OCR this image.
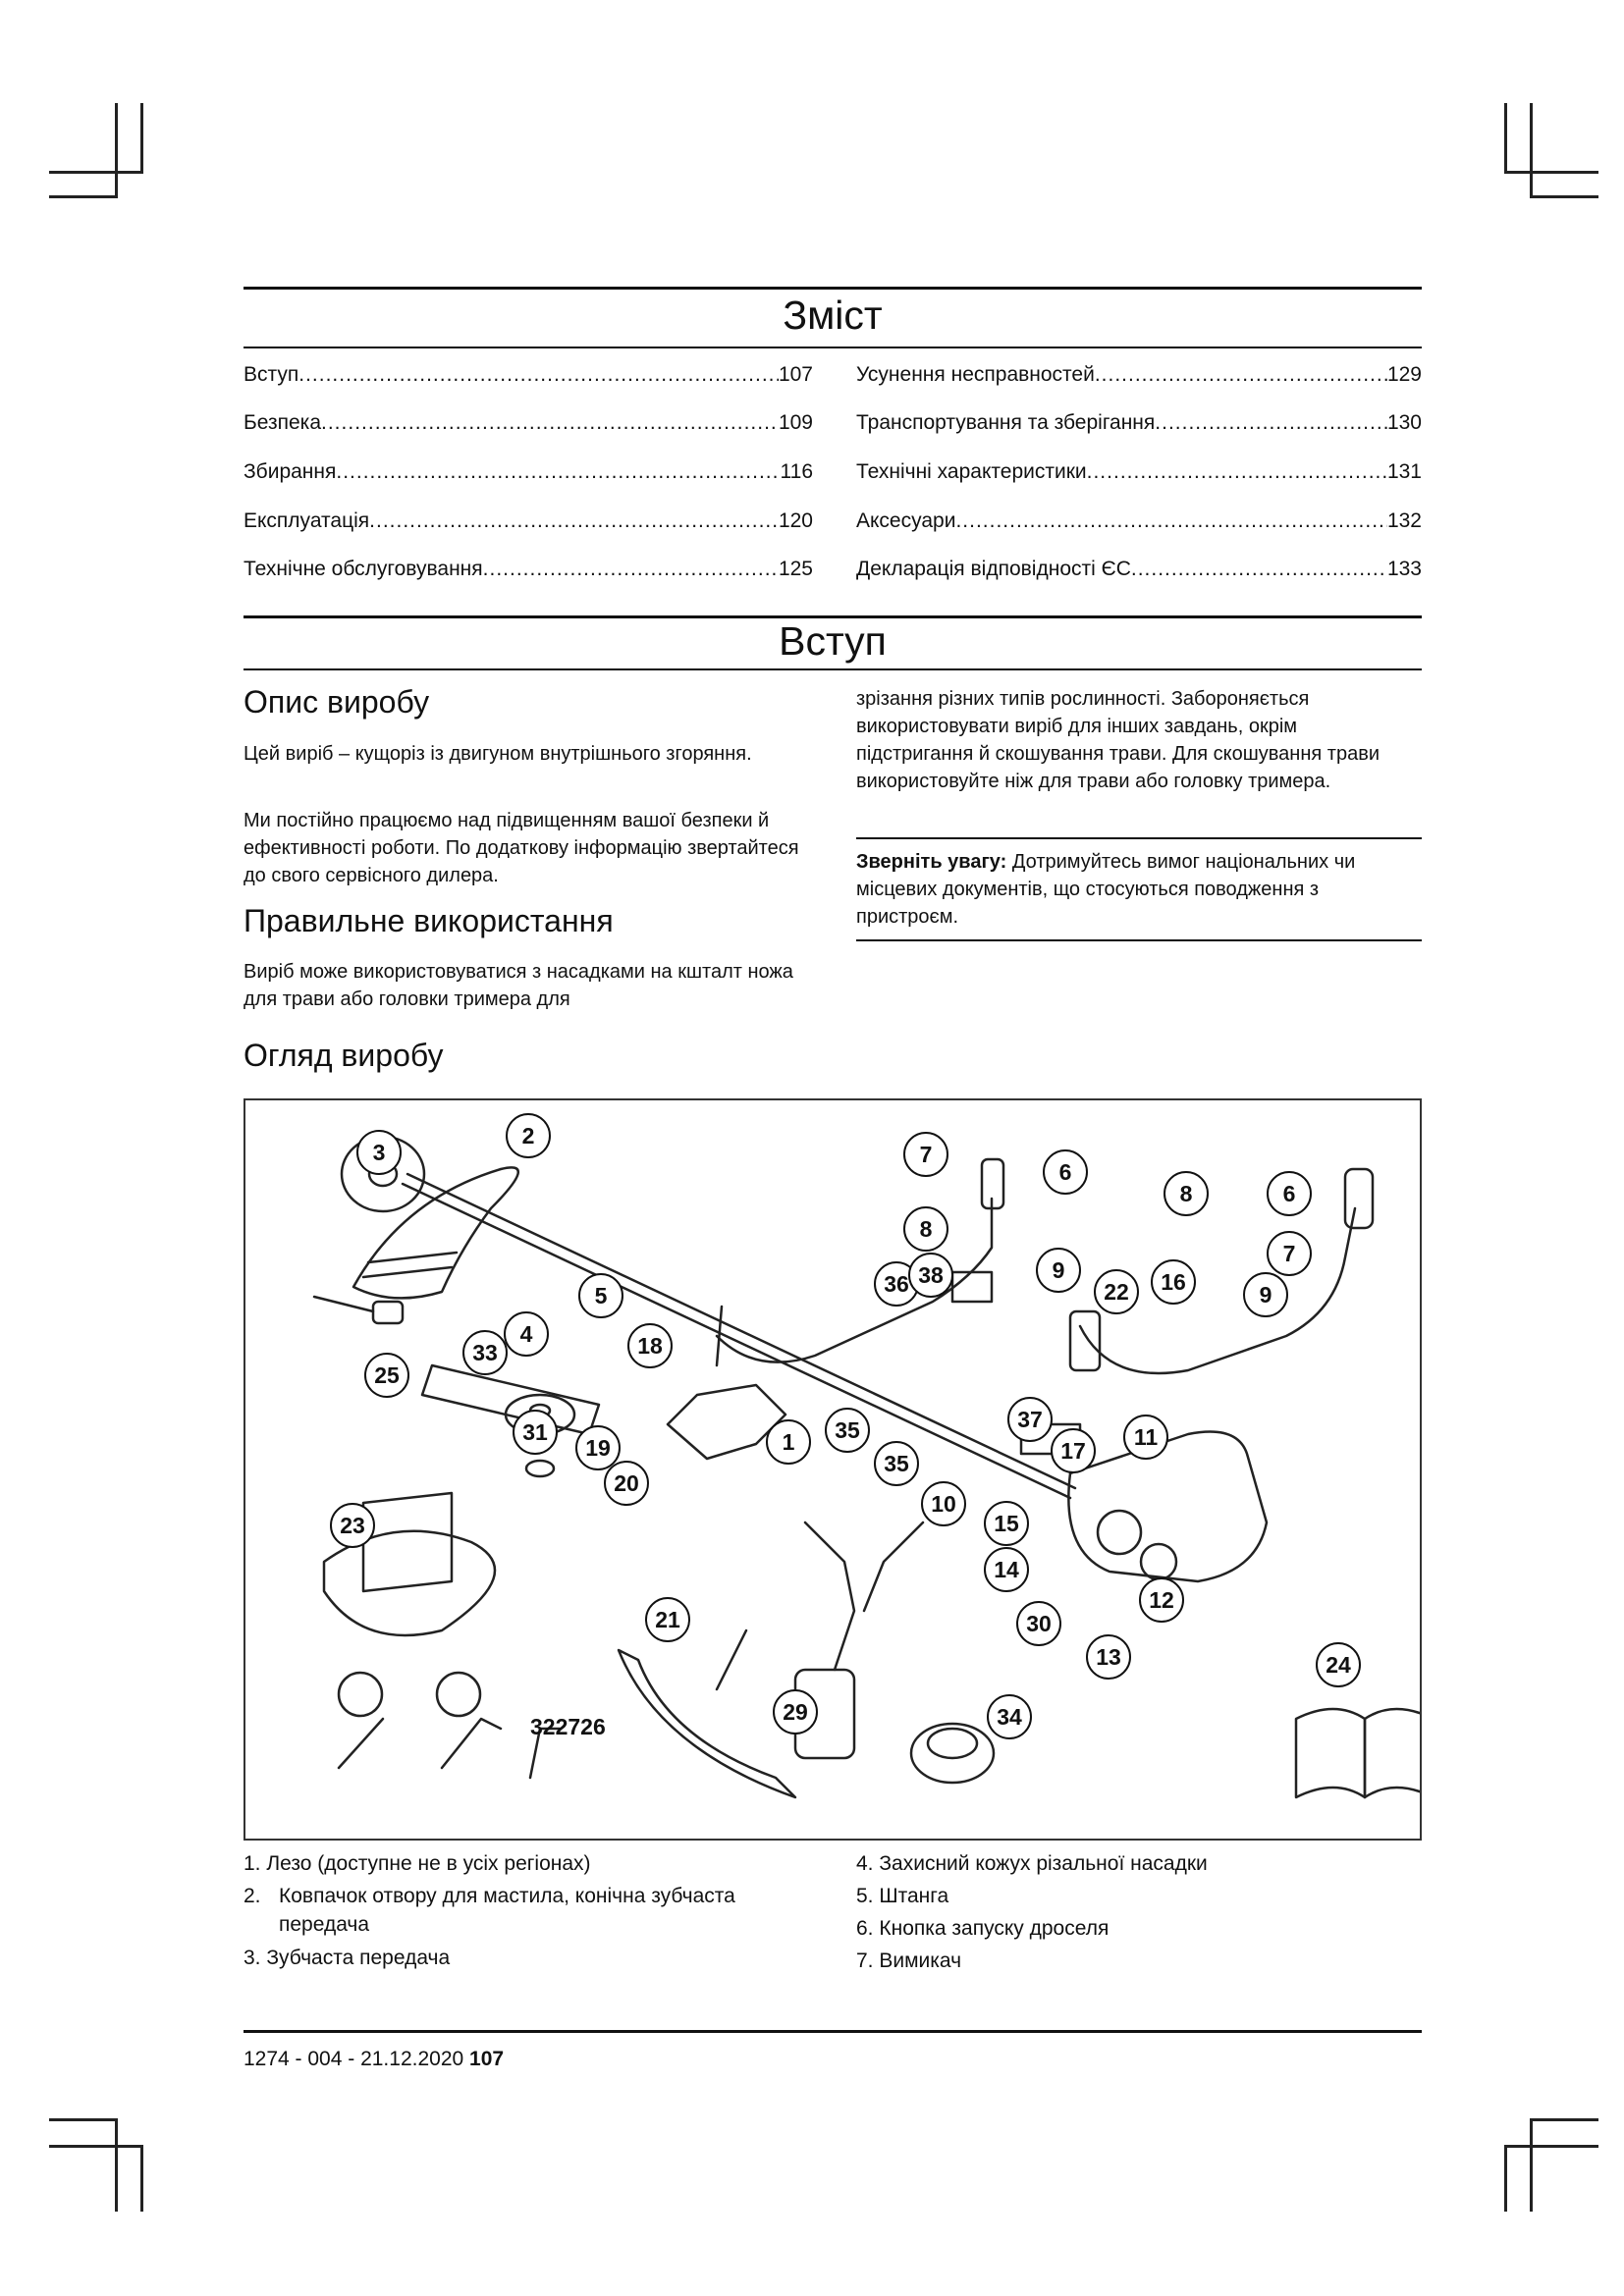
Зміст
Вступ .....	107
Безпека .....	109
Збирання .....	116
Експлуатація .....	120
Технічне обслуговування .....	125
Усунення несправностей .....	129
Транспортування та зберігання .....	130
Технічні характеристики .....	131
Аксесуари .....	132
Декларація відповідності ЄС .....	133
Вступ
Опис виробу
Цей виріб – кущоріз із двигуном внутрішнього згоряння.
Ми постійно працюємо над підвищенням вашої безпеки й ефективності роботи. По додаткову інформацію звертайтеся до свого сервісного дилера.
Правильне використання
Виріб може використовуватися з насадками на кшталт ножа для трави або головки тримера для
зрізання різних типів рослинності. Забороняється використовувати виріб для інших завдань, окрім підстригання й скошування трави. Для скошування трави використовуйте ніж для трави або головку тримера.
Зверніть увагу: Дотримуйтесь вимог національних чи місцевих документів, що стосуються поводження з пристроєм.
Огляд виробу
3
2
5
33
4
25
18
31
19
20
1
23
21
29
7
6
8
9
36 38
35
35
10
37
17
11
15
14
30
13
12
34
24
22	16
8	6
7
9
322726
1. Лезо (доступне не в усіх регіонах)
2. Ковпачок отвору для мастила, конічна зубчаста передача
3. Зубчаста передача
4. Захисний кожух різальної насадки
5. Штанга
6. Кнопка запуску дроселя
7. Вимикач
1274 - 004 - 21.12.2020 107
